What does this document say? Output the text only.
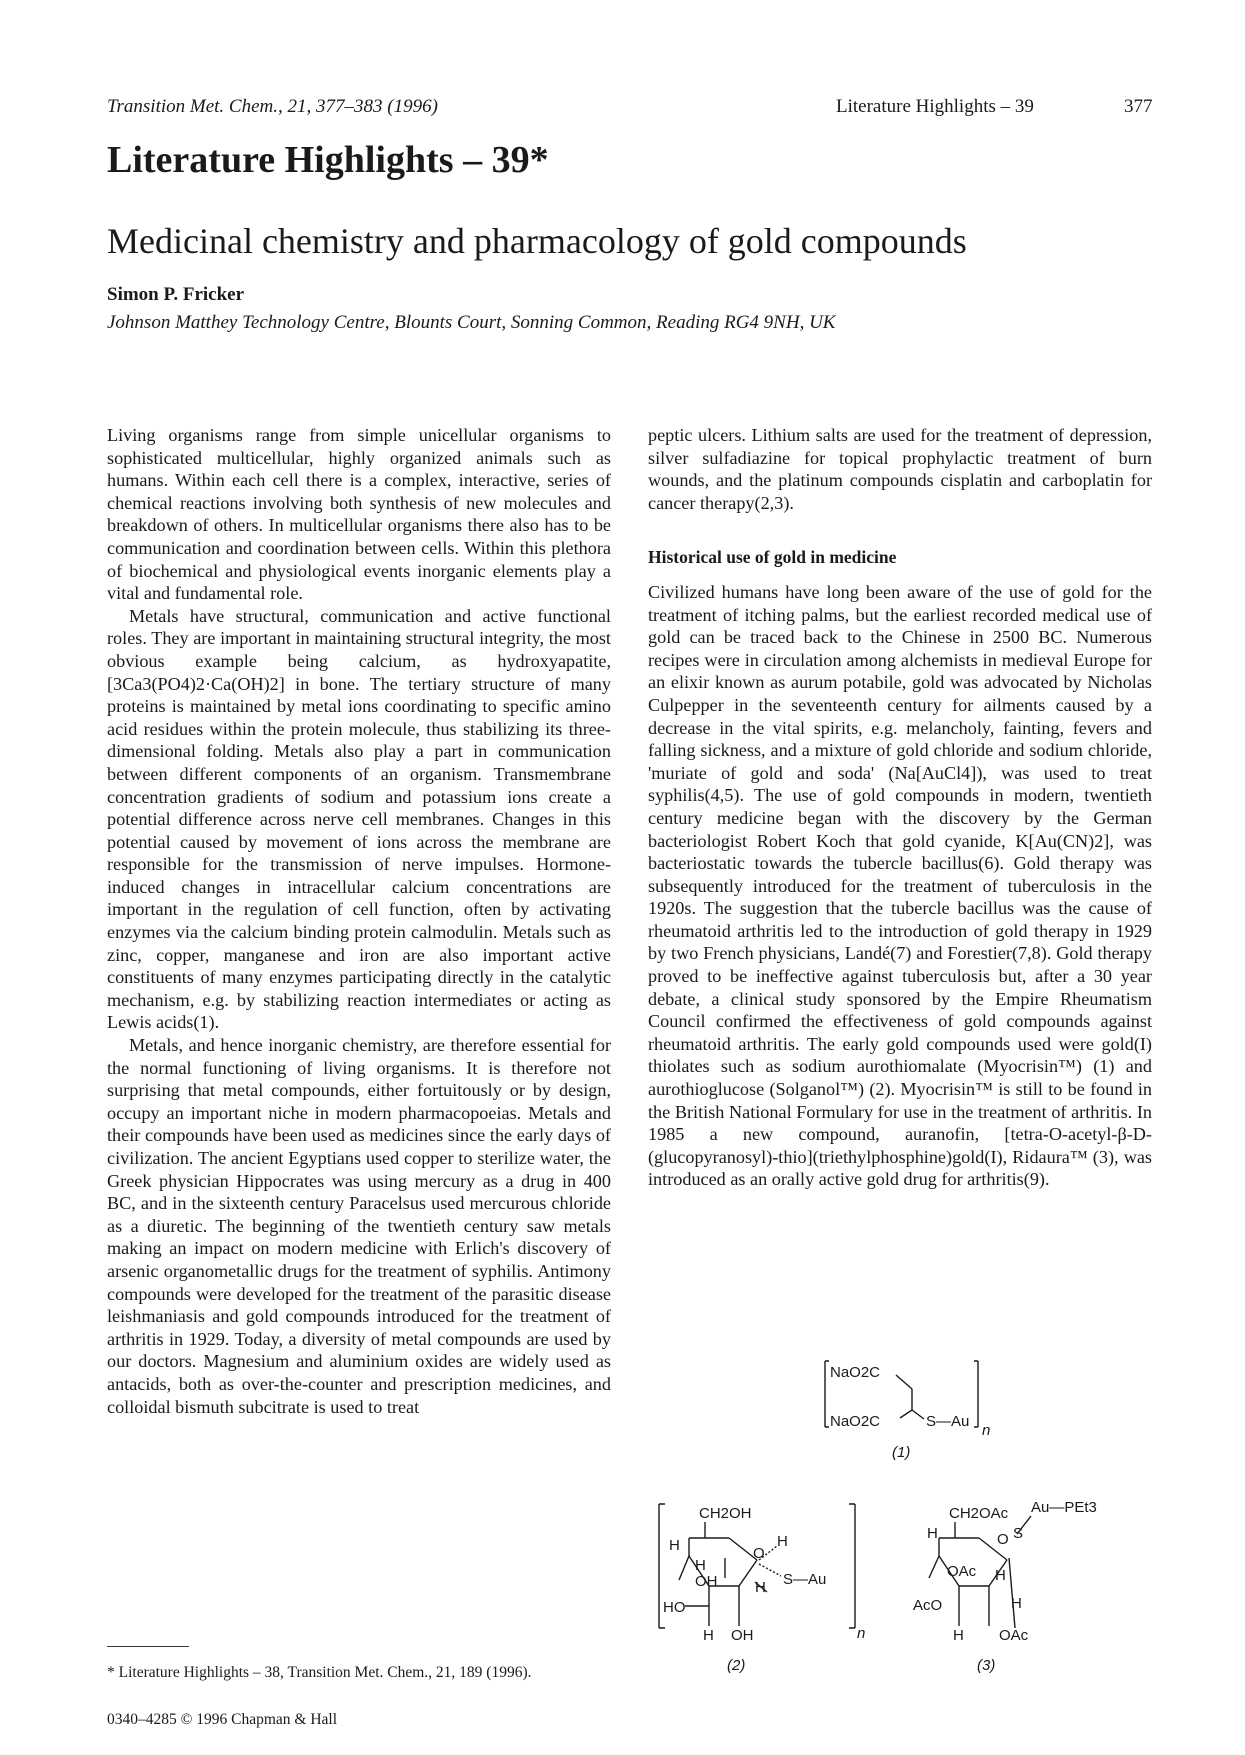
Transition Met. Chem., 21, 377–383 (1996)	Literature Highlights – 39	377
Literature Highlights – 39*
Medicinal chemistry and pharmacology of gold compounds
Simon P. Fricker
Johnson Matthey Technology Centre, Blounts Court, Sonning Common, Reading RG4 9NH, UK

Living organisms range from simple unicellular organisms to sophisticated multicellular, highly organized animals such as humans. Within each cell there is a complex, interactive, series of chemical reactions involving both synthesis of new molecules and breakdown of others. In multicellular organisms there also has to be communication and coordination between cells. Within this plethora of biochemical and physiological events inorganic elements play a vital and fundamental role.

Metals have structural, communication and active functional roles. They are important in maintaining structural integrity, the most obvious example being calcium, as hydroxyapatite, [3Ca3(PO4)2·Ca(OH)2] in bone. The tertiary structure of many proteins is maintained by metal ions coordinating to specific amino acid residues within the protein molecule, thus stabilizing its three-dimensional folding. Metals also play a part in communication between different components of an organism. Transmembrane concentration gradients of sodium and potassium ions create a potential difference across nerve cell membranes. Changes in this potential caused by movement of ions across the membrane are responsible for the transmission of nerve impulses. Hormone-induced changes in intracellular calcium concentrations are important in the regulation of cell function, often by activating enzymes via the calcium binding protein calmodulin. Metals such as zinc, copper, manganese and iron are also important active constituents of many enzymes participating directly in the catalytic mechanism, e.g. by stabilizing reaction intermediates or acting as Lewis acids(1).

Metals, and hence inorganic chemistry, are therefore essential for the normal functioning of living organisms. It is therefore not surprising that metal compounds, either fortuitously or by design, occupy an important niche in modern pharmacopoeias. Metals and their compounds have been used as medicines since the early days of civilization. The ancient Egyptians used copper to sterilize water, the Greek physician Hippocrates was using mercury as a drug in 400 BC, and in the sixteenth century Paracelsus used mercurous chloride as a diuretic. The beginning of the twentieth century saw metals making an impact on modern medicine with Erlich's discovery of arsenic organometallic drugs for the treatment of syphilis. Antimony compounds were developed for the treatment of the parasitic disease leishmaniasis and gold compounds introduced for the treatment of arthritis in 1929. Today, a diversity of metal compounds are used by our doctors. Magnesium and aluminium oxides are widely used as antacids, both as over-the-counter and prescription medicines, and colloidal bismuth subcitrate is used to treat

peptic ulcers. Lithium salts are used for the treatment of depression, silver sulfadiazine for topical prophylactic treatment of burn wounds, and the platinum compounds cisplatin and carboplatin for cancer therapy(2,3).

Historical use of gold in medicine

Civilized humans have long been aware of the use of gold for the treatment of itching palms, but the earliest recorded medical use of gold can be traced back to the Chinese in 2500 BC. Numerous recipes were in circulation among alchemists in medieval Europe for an elixir known as aurum potabile, gold was advocated by Nicholas Culpepper in the seventeenth century for ailments caused by a decrease in the vital spirits, e.g. melancholy, fainting, fevers and falling sickness, and a mixture of gold chloride and sodium chloride, 'muriate of gold and soda' (Na[AuCl4]), was used to treat syphilis(4,5). The use of gold compounds in modern, twentieth century medicine began with the discovery by the German bacteriologist Robert Koch that gold cyanide, K[Au(CN)2], was bacteriostatic towards the tubercle bacillus(6). Gold therapy was subsequently introduced for the treatment of tuberculosis in the 1920s. The suggestion that the tubercle bacillus was the cause of rheumatoid arthritis led to the introduction of gold therapy in 1929 by two French physicians, Landé(7) and Forestier(7,8). Gold therapy proved to be ineffective against tuberculosis but, after a 30 year debate, a clinical study sponsored by the Empire Rheumatism Council confirmed the effectiveness of gold compounds against rheumatoid arthritis. The early gold compounds used were gold(I) thiolates such as sodium aurothiomalate (Myocrisin™) (1) and aurothioglucose (Solganol™) (2). Myocrisin™ is still to be found in the British National Formulary for use in the treatment of arthritis. In 1985 a new compound, auranofin, [tetra-O-acetyl-β-D-(glucopyranosyl)-thio](triethylphosphine)gold(I), Ridaura™ (3), was introduced as an orally active gold drug for arthritis(9).

NaO2C
NaO2C	S—Au
n
(1)
CH2OH
H	O
H
OH	H
H
S—Au
HO
H OH	n
(2)
CH2OAc Au—PEt3
H	O S
OAc H
AcO	H
H OAc
(3)
* Literature Highlights – 38, Transition Met. Chem., 21, 189 (1996).
0340–4285 © 1996 Chapman & Hall
